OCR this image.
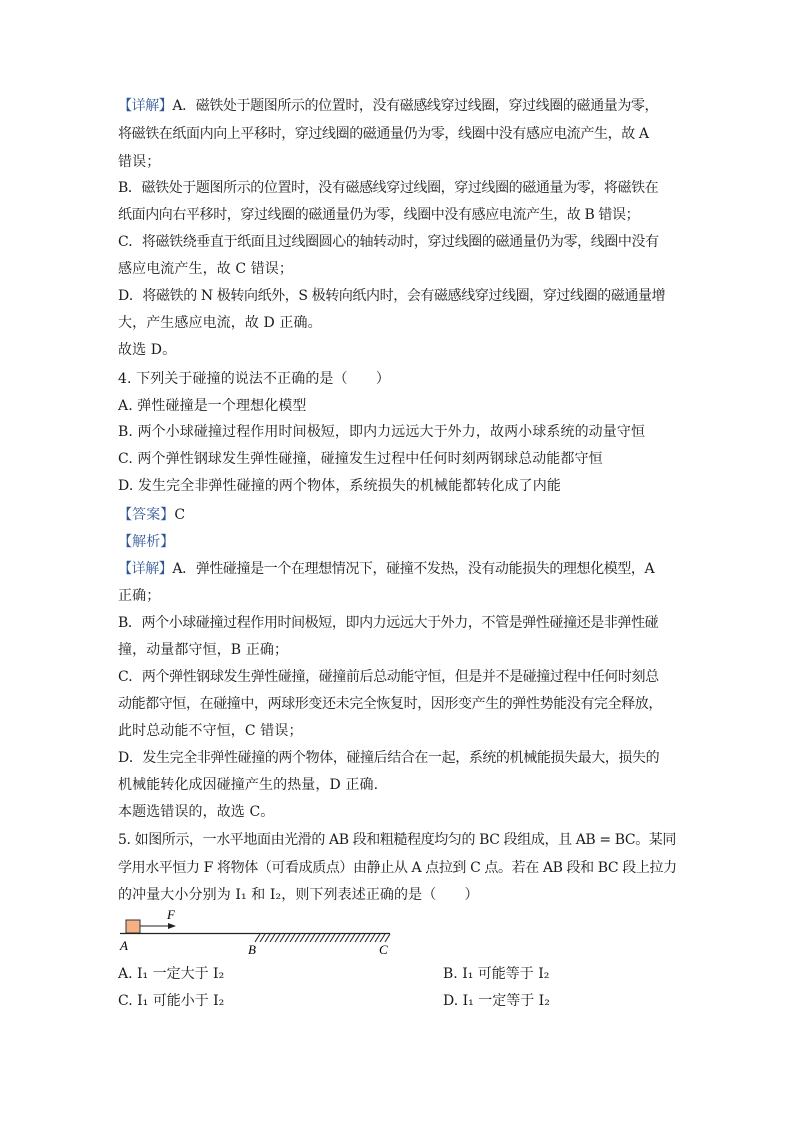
【详解】A．磁铁处于题图所示的位置时，没有磁感线穿过线圈，穿过线圈的磁通量为零，
将磁铁在纸面内向上平移时，穿过线圈的磁通量仍为零，线圈中没有感应电流产生，故 A
错误；
B．磁铁处于题图所示的位置时，没有磁感线穿过线圈，穿过线圈的磁通量为零，将磁铁在
纸面内向右平移时，穿过线圈的磁通量仍为零，线圈中没有感应电流产生，故 B 错误；
C．将磁铁绕垂直于纸面且过线圈圆心的轴转动时，穿过线圈的磁通量仍为零，线圈中没有
感应电流产生，故 C 错误；
D．将磁铁的 N 极转向纸外，S 极转向纸内时，会有磁感线穿过线圈，穿过线圈的磁通量增
大，产生感应电流，故 D 正确。
故选 D。
4. 下列关于碰撞的说法不正确的是（　　）
A. 弹性碰撞是一个理想化模型
B. 两个小球碰撞过程作用时间极短，即内力远远大于外力，故两小球系统的动量守恒
C. 两个弹性钢球发生弹性碰撞，碰撞发生过程中任何时刻两钢球总动能都守恒
D. 发生完全非弹性碰撞的两个物体，系统损失的机械能都转化成了内能
【答案】C
【解析】
【详解】A．弹性碰撞是一个在理想情况下，碰撞不发热，没有动能损失的理想化模型，A
正确；
B．两个小球碰撞过程作用时间极短，即内力远远大于外力，不管是弹性碰撞还是非弹性碰
撞，动量都守恒，B 正确；
C．两个弹性钢球发生弹性碰撞，碰撞前后总动能守恒，但是并不是碰撞过程中任何时刻总
动能都守恒，在碰撞中，两球形变还未完全恢复时，因形变产生的弹性势能没有完全释放，
此时总动能不守恒，C 错误；
D．发生完全非弹性碰撞的两个物体，碰撞后结合在一起，系统的机械能损失最大，损失的
机械能转化成因碰撞产生的热量，D 正确.
本题选错误的，故选 C。
5. 如图所示，一水平地面由光滑的 AB 段和粗糙程度均匀的 BC 段组成，且 AB = BC。某同
学用水平恒力 F 将物体（可看成质点）由静止从 A 点拉到 C 点。若在 AB 段和 BC 段上拉力
的冲量大小分别为 I₁ 和 I₂，则下列表述正确的是（　　）
F
A	B	C
A. I₁ 一定大于 I₂	B. I₁ 可能等于 I₂
C. I₁ 可能小于 I₂	D. I₁ 一定等于 I₂
